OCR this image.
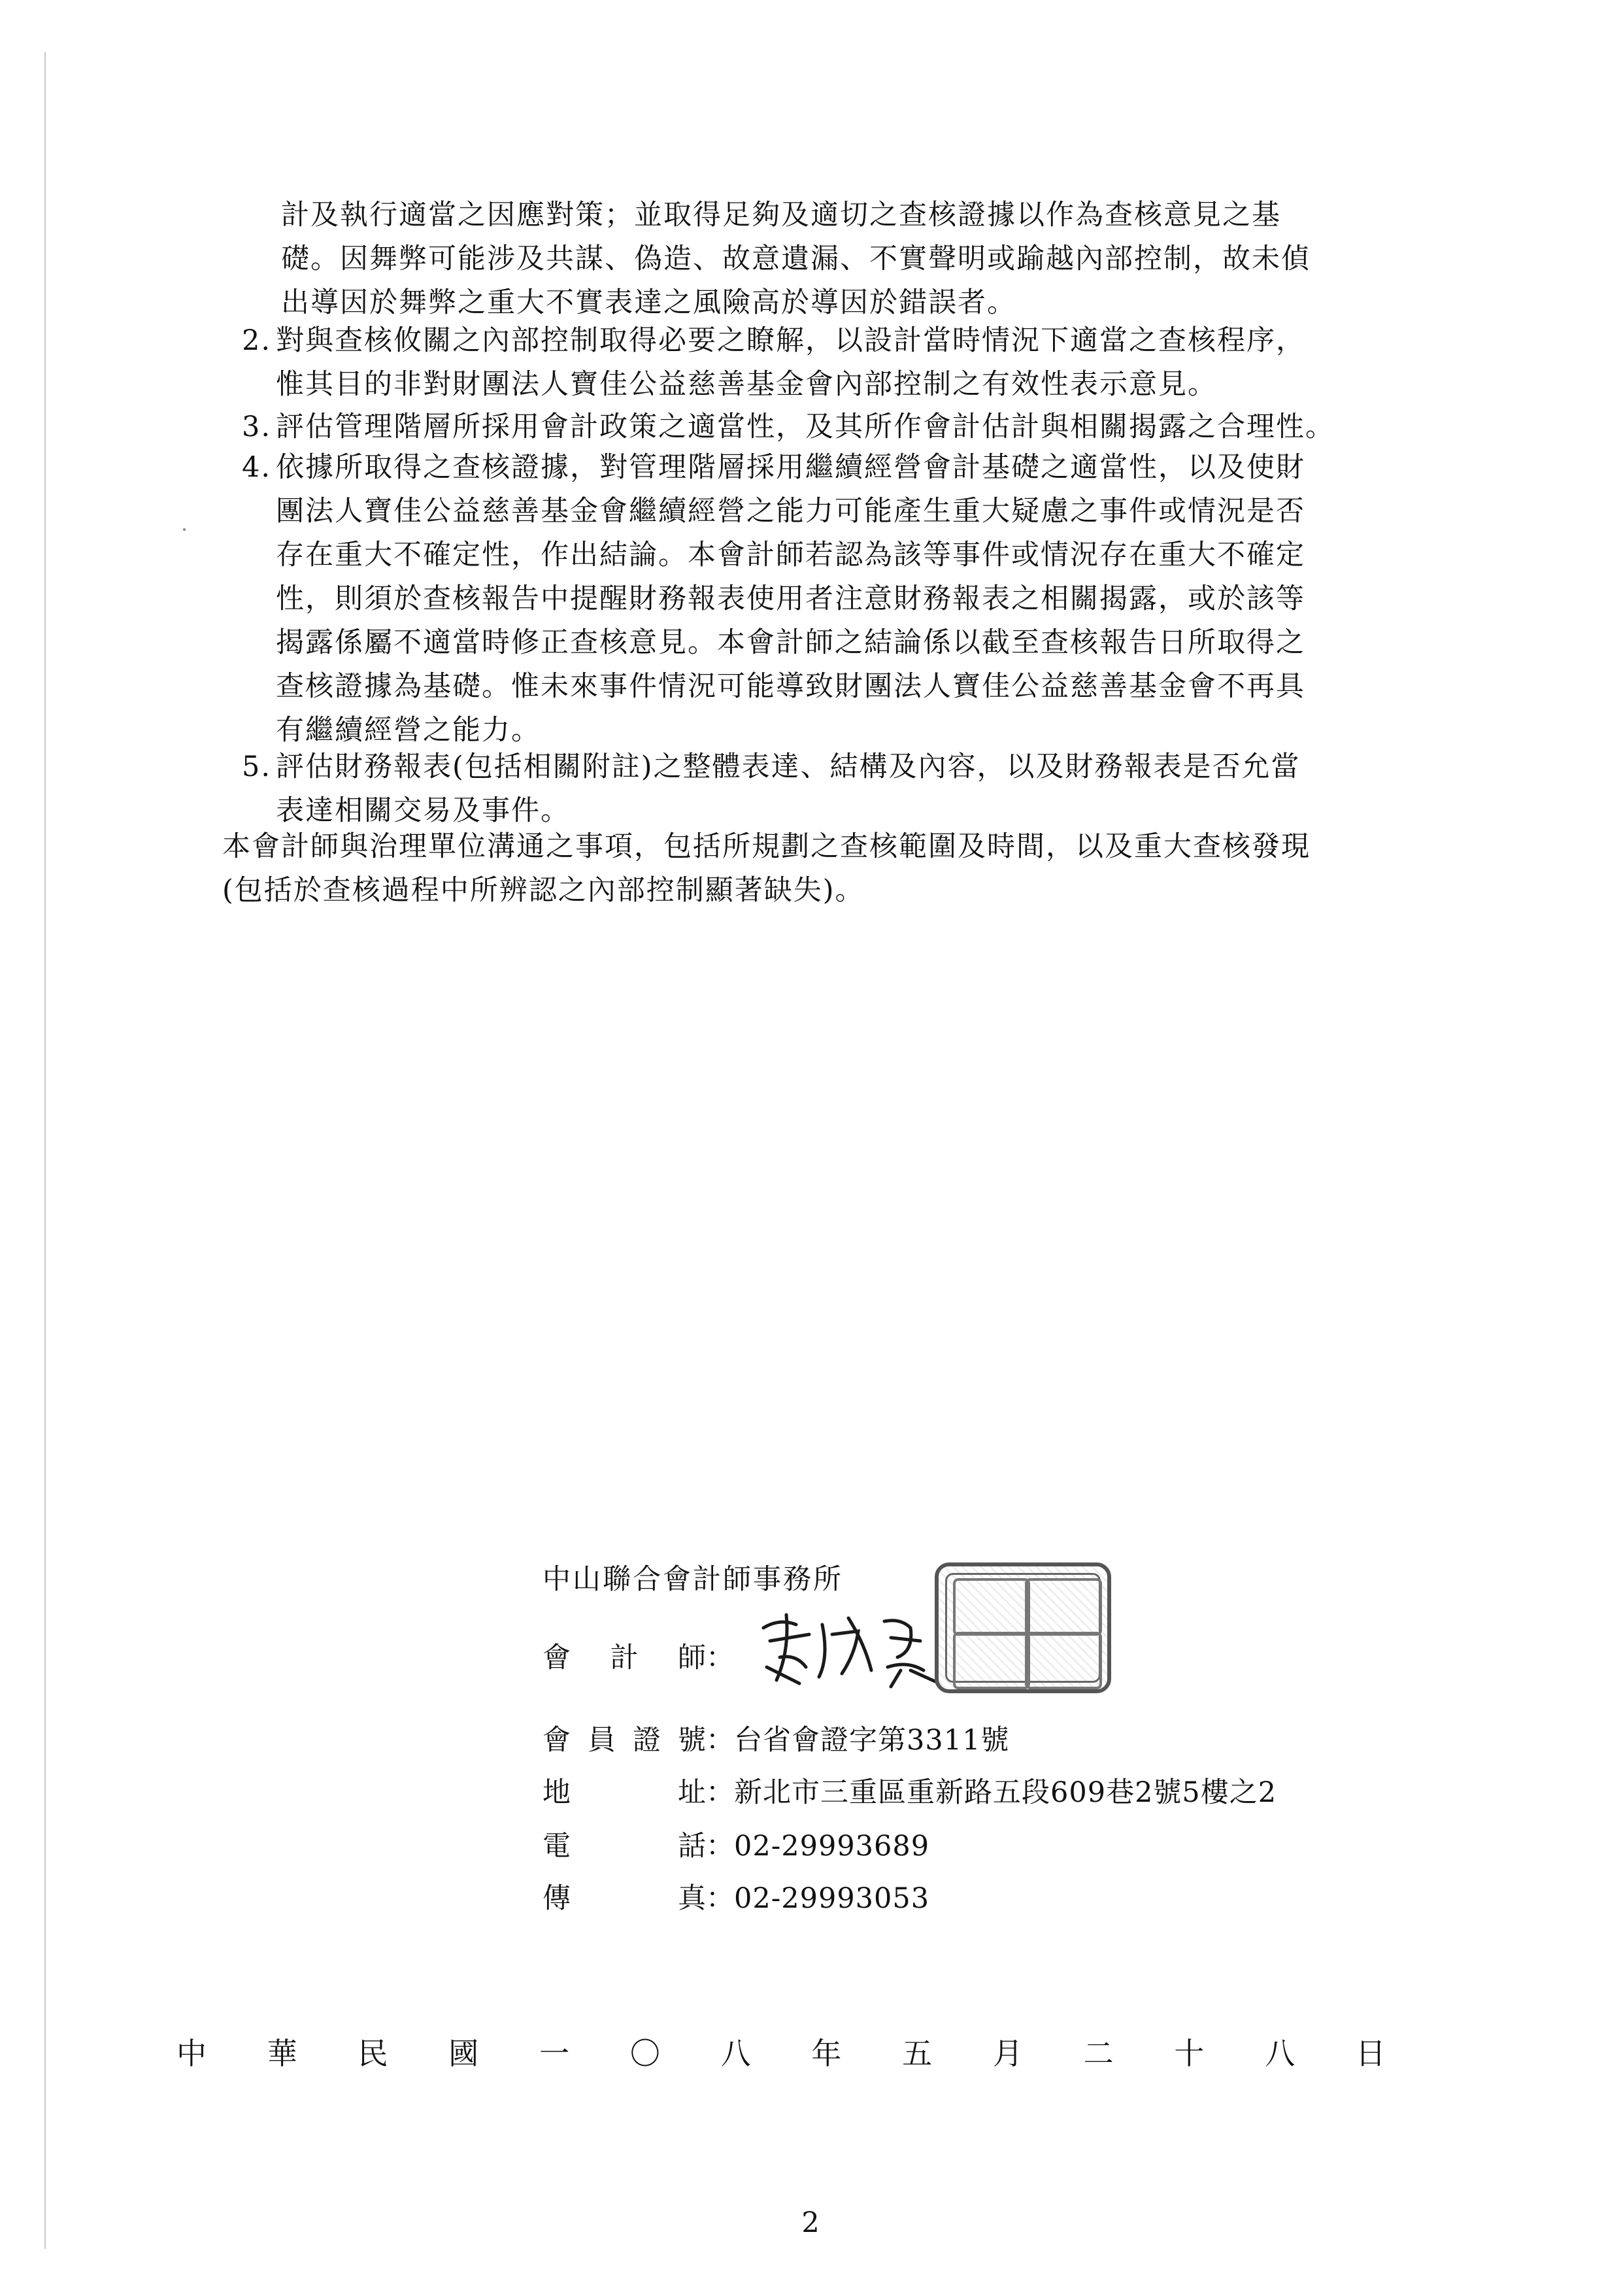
計及執行適當之因應對策；並取得足夠及適切之查核證據以作為查核意見之基
礎。因舞弊可能涉及共謀、偽造、故意遺漏、不實聲明或踰越內部控制，故未偵
出導因於舞弊之重大不實表達之風險高於導因於錯誤者。
2. 對與查核攸關之內部控制取得必要之瞭解，以設計當時情況下適當之查核程序，
惟其目的非對財團法人寶佳公益慈善基金會內部控制之有效性表示意見。
3. 評估管理階層所採用會計政策之適當性，及其所作會計估計與相關揭露之合理性。
4. 依據所取得之查核證據，對管理階層採用繼續經營會計基礎之適當性，以及使財
團法人寶佳公益慈善基金會繼續經營之能力可能產生重大疑慮之事件或情況是否
存在重大不確定性，作出結論。本會計師若認為該等事件或情況存在重大不確定
性，則須於查核報告中提醒財務報表使用者注意財務報表之相關揭露，或於該等
揭露係屬不適當時修正查核意見。本會計師之結論係以截至查核報告日所取得之
查核證據為基礎。惟未來事件情況可能導致財團法人寶佳公益慈善基金會不再具
有繼續經營之能力。
5. 評估財務報表(包括相關附註)之整體表達、結構及內容，以及財務報表是否允當
表達相關交易及事件。
本會計師與治理單位溝通之事項，包括所規劃之查核範圍及時間，以及重大查核發現
(包括於查核過程中所辨認之內部控制顯著缺失)。
中山聯合會計師事務所
會 計 師 ：
會 員 證 號 ：台省會證字第3311號
地	址 ：新北市三重區重新路五段609巷2號5樓之2
電	話 ：02-29993689
傳	真 ：02-29993053
中 華 民 國 一 〇 八 年 五 月 二 十 八 日
2
